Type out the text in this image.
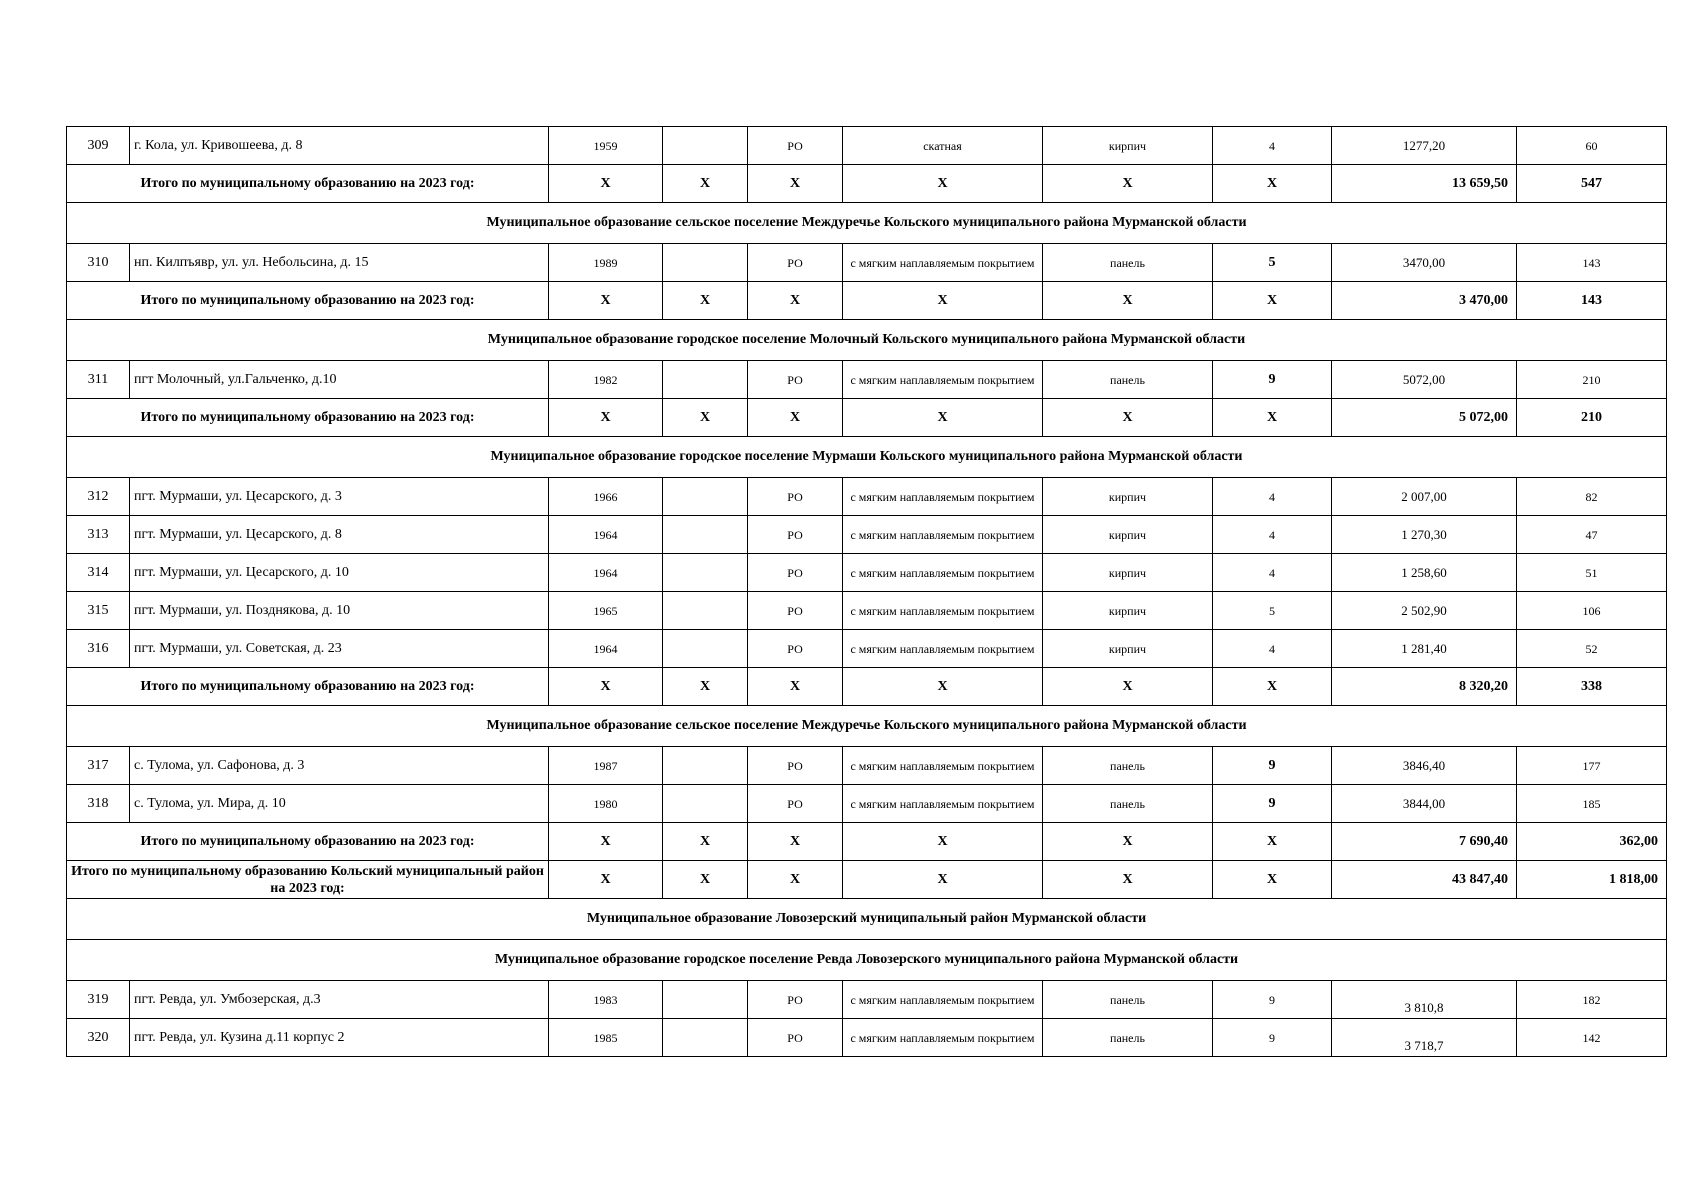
309	г. Кола, ул. Кривошеева, д. 8	1959		РО	скатная	кирпич	4	1277,20	60
Итого по муниципальному образованию на 2023 год:		X	X	X	X	X	X	13 659,50	547
Муниципальное образование сельское поселение Междуречье Кольского муниципального района Мурманской области									
310	нп. Килпъявр, ул. ул. Небольсина, д. 15	1989		РО	с мягким наплавляемым покрытием	панель	5	3470,00	143
Итого по муниципальному образованию на 2023 год:		X	X	X	X	X	X	3 470,00	143
Муниципальное образование городское поселение Молочный Кольского муниципального района Мурманской области									
311	пгт Молочный, ул.Гальченко, д.10	1982		РО	с мягким наплавляемым покрытием	панель	9	5072,00	210
Итого по муниципальному образованию на 2023 год:		X	X	X	X	X	X	5 072,00	210
Муниципальное образование городское поселение Мурмаши Кольского муниципального района Мурманской области									
312	пгт. Мурмаши, ул. Цесарского, д. 3	1966		РО	с мягким наплавляемым покрытием	кирпич	4	2 007,00	82
313	пгт. Мурмаши, ул. Цесарского, д. 8	1964		РО	с мягким наплавляемым покрытием	кирпич	4	1 270,30	47
314	пгт. Мурмаши, ул. Цесарского, д. 10	1964		РО	с мягким наплавляемым покрытием	кирпич	4	1 258,60	51
315	пгт. Мурмаши, ул. Позднякова, д. 10	1965		РО	с мягким наплавляемым покрытием	кирпич	5	2 502,90	106
316	пгт. Мурмаши, ул. Советская, д. 23	1964		РО	с мягким наплавляемым покрытием	кирпич	4	1 281,40	52
Итого по муниципальному образованию на 2023 год:		X	X	X	X	X	X	8 320,20	338
Муниципальное образование сельское поселение Междуречье Кольского муниципального района Мурманской области									
317	с. Тулома, ул. Сафонова, д. 3	1987		РО	с мягким наплавляемым покрытием	панель	9	3846,40	177
318	с. Тулома, ул. Мира, д. 10	1980		РО	с мягким наплавляемым покрытием	панель	9	3844,00	185
Итого по муниципальному образованию на 2023 год:		X	X	X	X	X	X	7 690,40	362,00
Итого по муниципальному образованию Кольский муниципальный район на 2023 год:		X	X	X	X	X	X	43 847,40	1 818,00
Муниципальное образование Ловозерский муниципальный район Мурманской области									
Муниципальное образование городское поселение Ревда Ловозерского муниципального района Мурманской области									
319	пгт. Ревда, ул. Умбозерская, д.3	1983		РО	с мягким наплавляемым покрытием	панель	9	3 810,8	182
320	пгт. Ревда, ул. Кузина д.11 корпус 2	1985		РО	с мягким наплавляемым покрытием	панель	9	3 718,7	142
